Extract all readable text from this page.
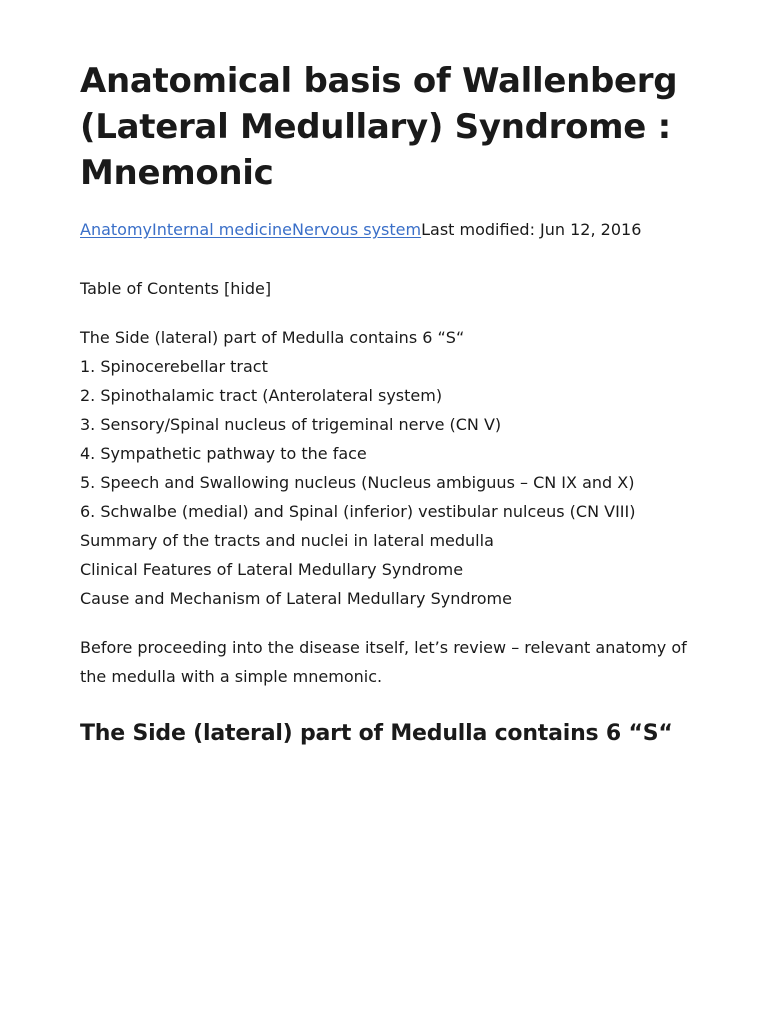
Anatomical basis of Wallenberg (Lateral Medullary) Syndrome : Mnemonic
AnatomyInternal medicineNervous systemLast modified: Jun 12, 2016
Table of Contents [hide]
The Side (lateral) part of Medulla contains 6 “S“
1. Spinocerebellar tract
2. Spinothalamic tract (Anterolateral system)
3. Sensory/Spinal nucleus of trigeminal nerve (CN V)
4. Sympathetic pathway to the face
5. Speech and Swallowing nucleus (Nucleus ambiguus – CN IX and X)
6. Schwalbe (medial) and Spinal (inferior) vestibular nulceus (CN VIII)
Summary of the tracts and nuclei in lateral medulla
Clinical Features of Lateral Medullary Syndrome
Cause and Mechanism of Lateral Medullary Syndrome

Before proceeding into the disease itself, let’s review – relevant anatomy of the medulla with a simple mnemonic.

The Side (lateral) part of Medulla contains 6 “S“
